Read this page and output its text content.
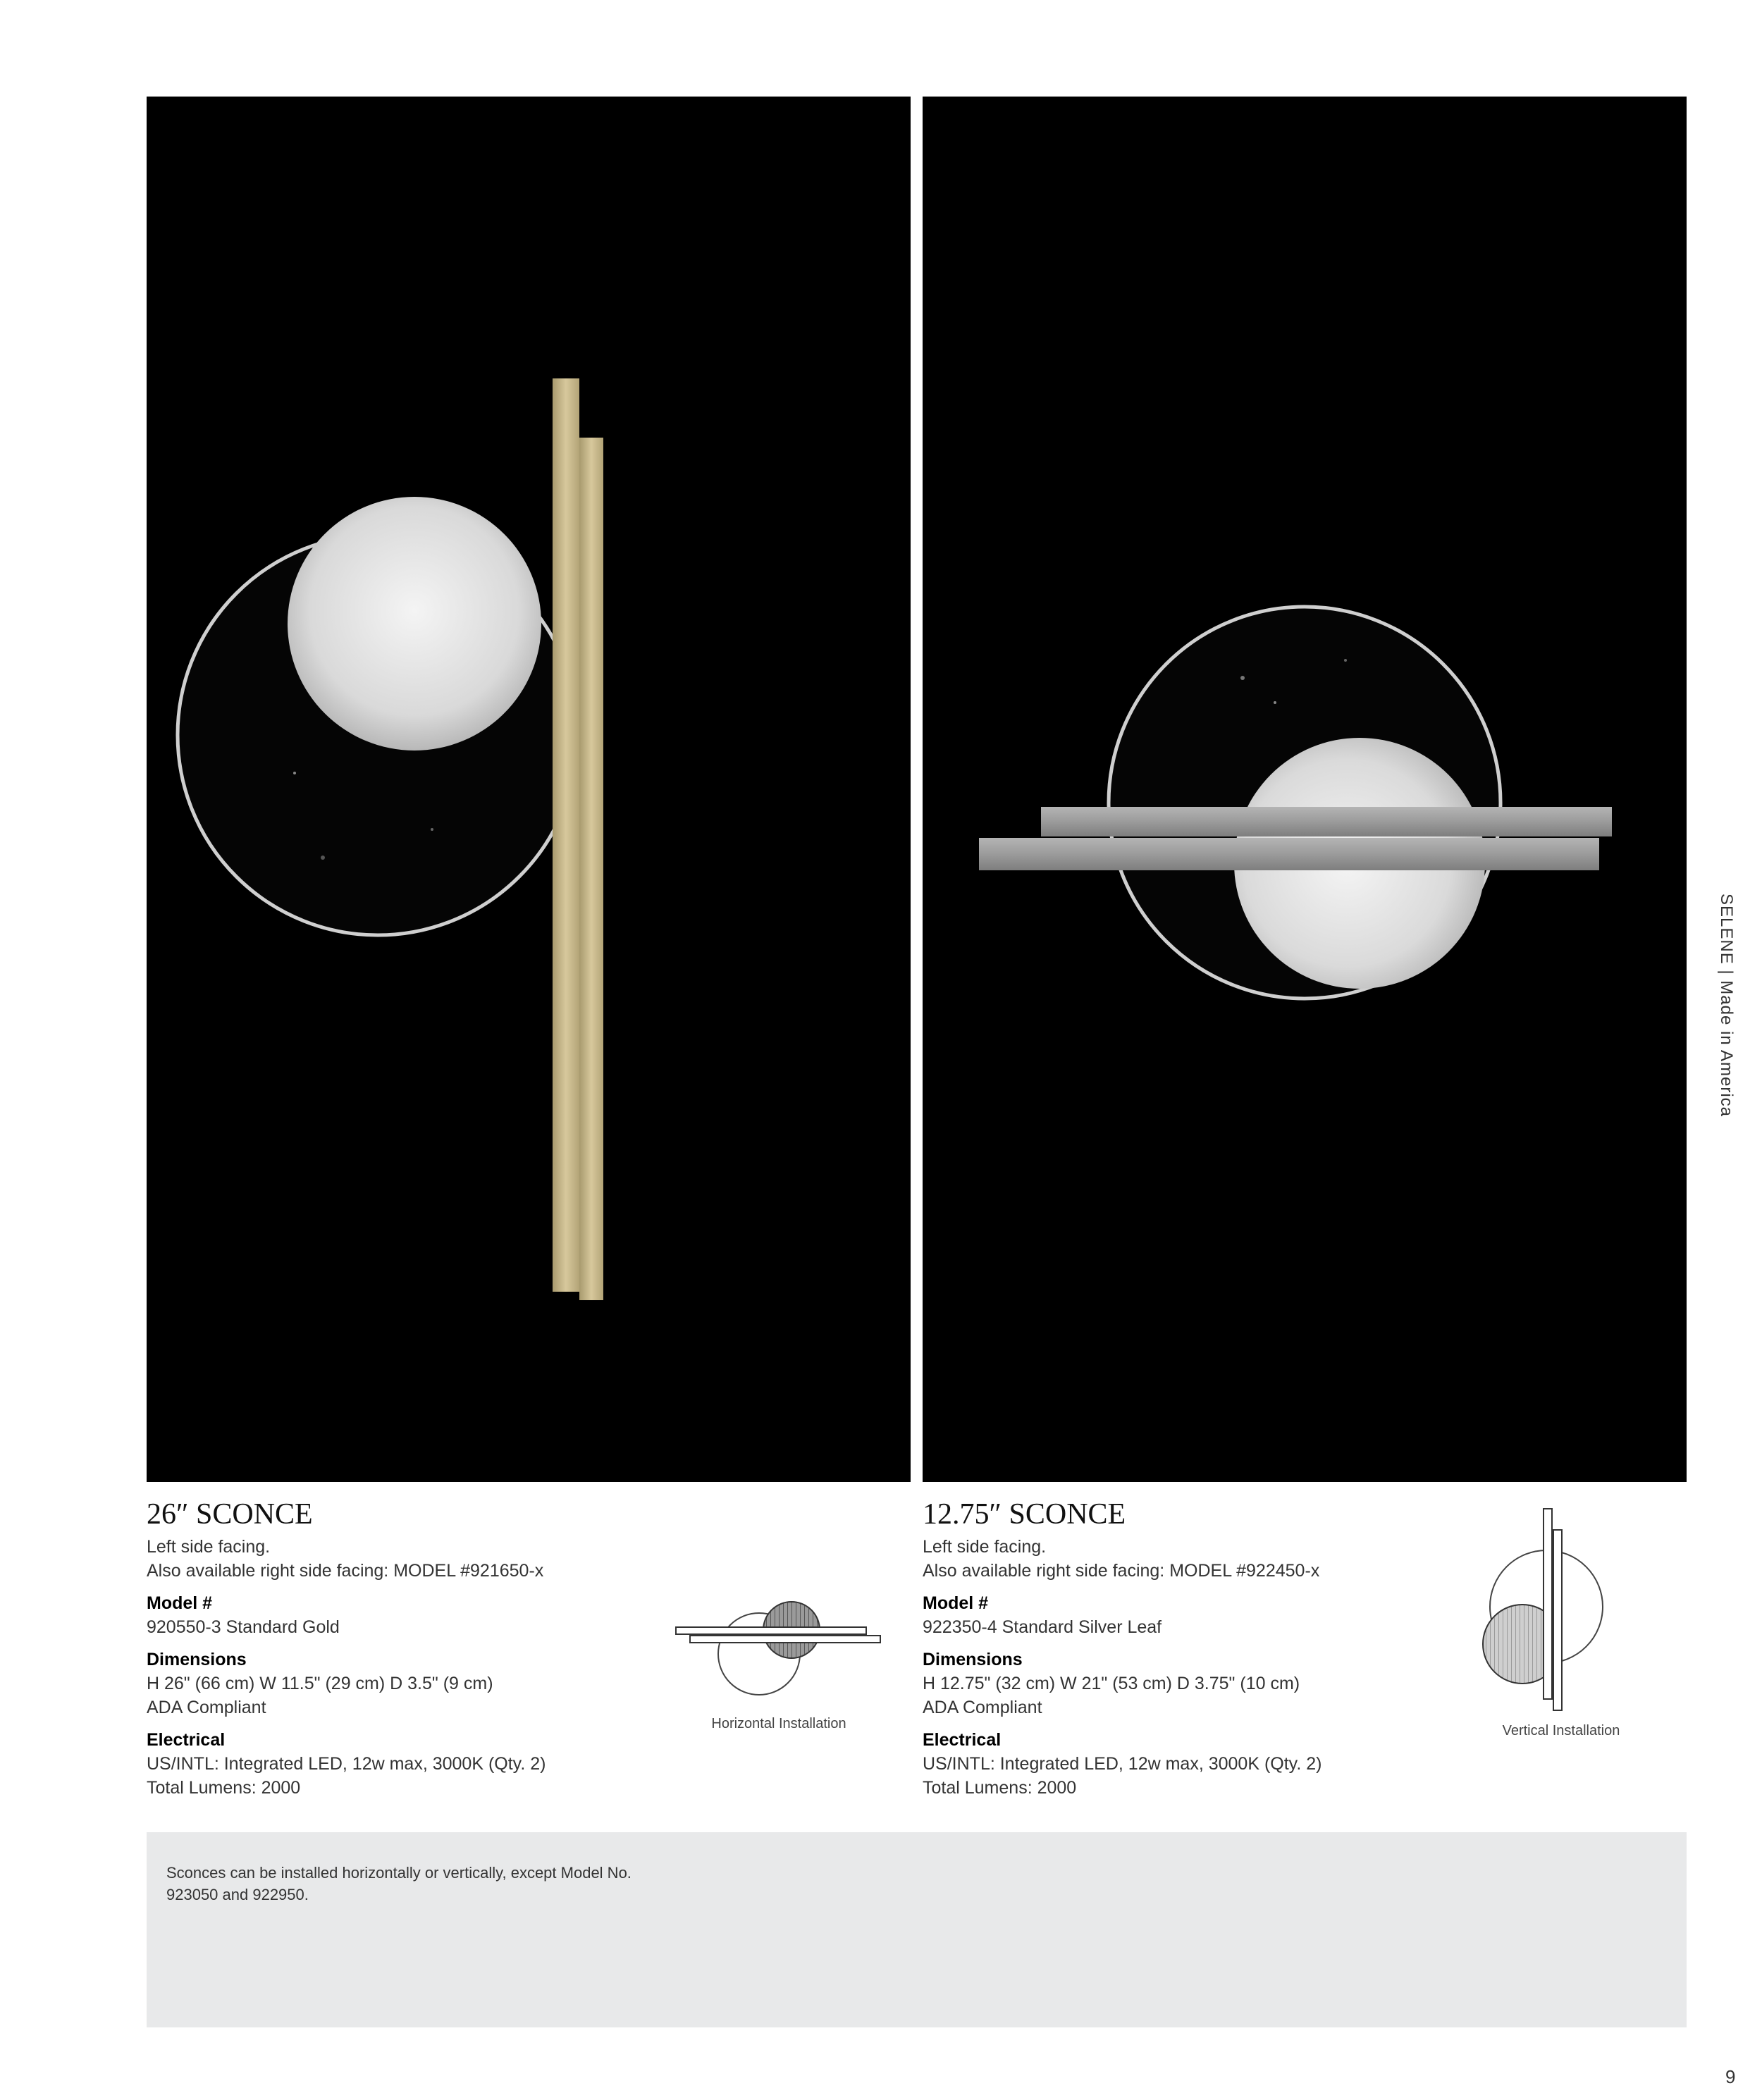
26″ SCONCE
Left side facing.
Also available right side facing: MODEL #921650-x
Model #
920550-3 Standard Gold
Dimensions
H 26" (66 cm) W 11.5" (29 cm) D 3.5" (9 cm)
ADA Compliant
Electrical
US/INTL: Integrated LED, 12w max, 3000K (Qty. 2)
Total Lumens: 2000
Horizontal Installation
12.75″ SCONCE
Left side facing.
Also available right side facing: MODEL #922450-x
Model #
922350-4 Standard Silver Leaf
Dimensions
H 12.75" (32 cm) W 21" (53 cm) D 3.75" (10 cm)
ADA Compliant
Electrical
US/INTL: Integrated LED, 12w max, 3000K (Qty. 2)
Total Lumens: 2000
Vertical Installation
SELENE | Made in America
Sconces can be installed horizontally or vertically, except Model No. 923050 and 922950.
9
